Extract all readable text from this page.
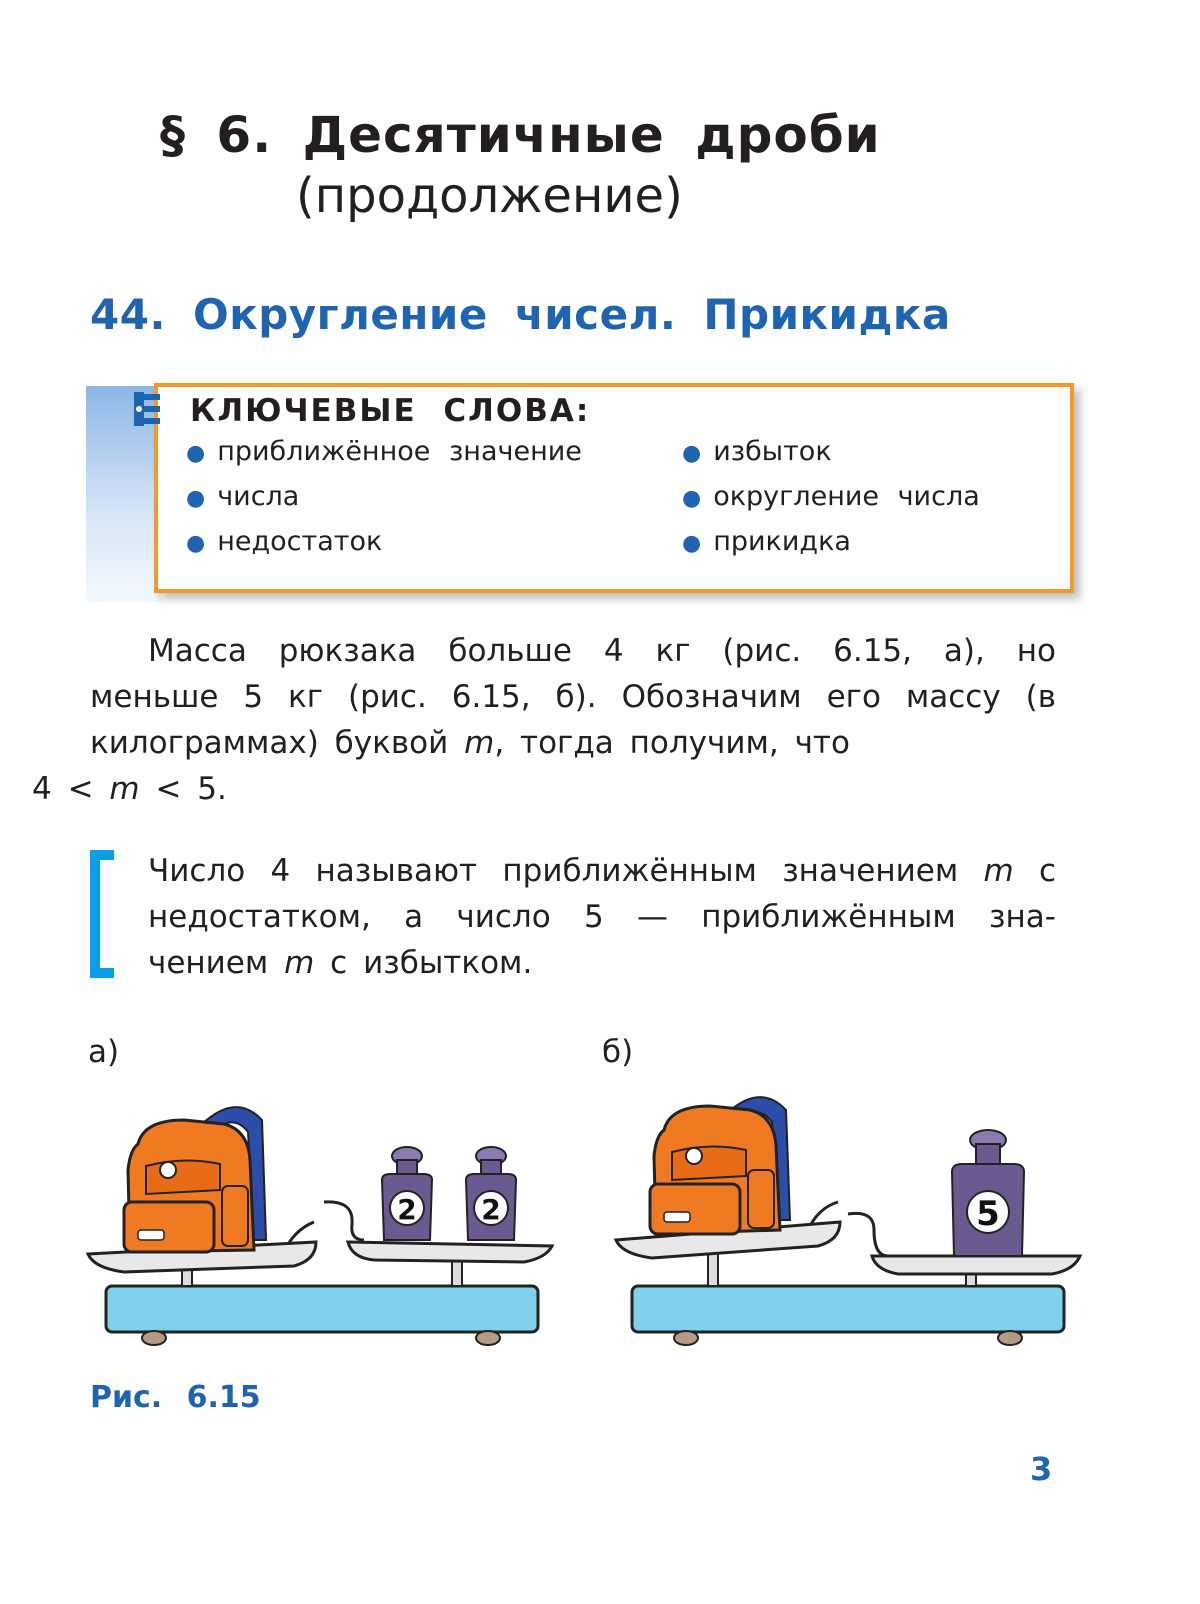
§ 6. Десятичные дроби
(продолжение)
44. Округление чисел. Прикидка
КЛЮЧЕВЫЕ СЛОВА:
● приближённое значение
● числа
● недостаток
● избыток
● округление числа
● прикидка
Масса рюкзака больше 4 кг (рис. 6.15, а), но меньше 5 кг (рис. 6.15, б). Обозначим его массу (в килограммах) буквой m, тогда получим, что
4 < m < 5.
Число 4 называют приближённым значением m с недостатком, а число 5 — приближённым зна-чением m с избытком.
а)	б)
2 2	5
Рис. 6.15
3
